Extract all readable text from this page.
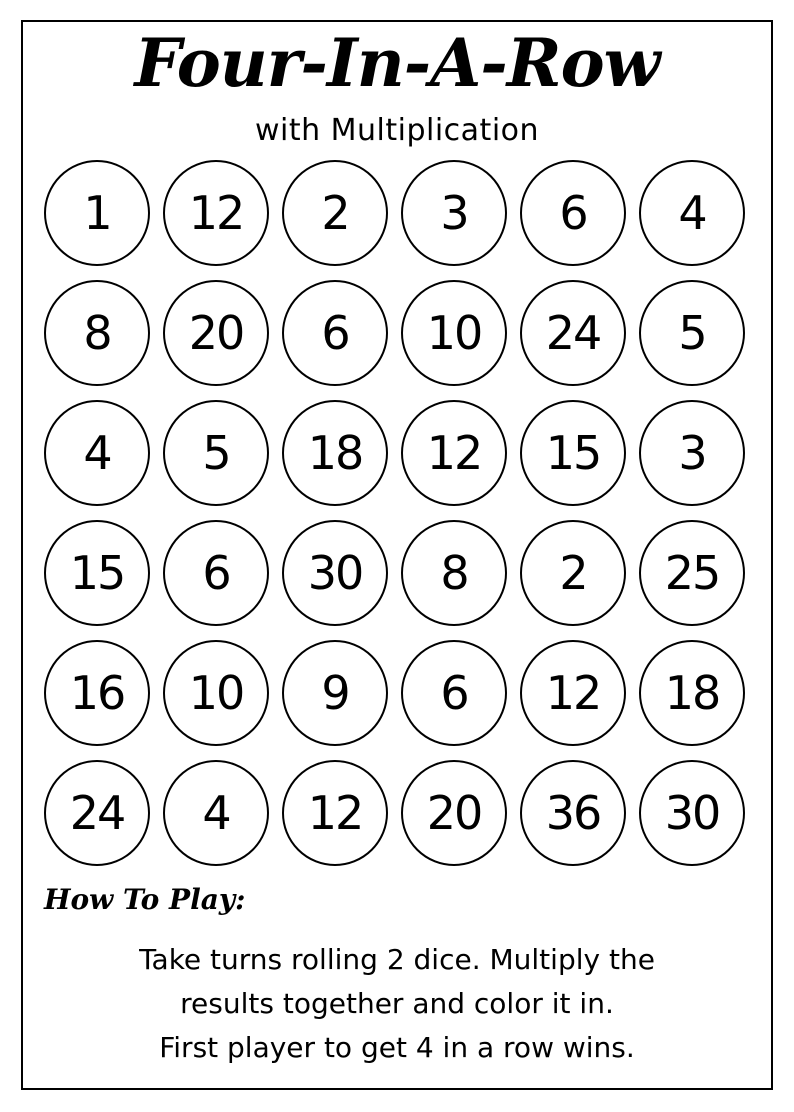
Four-In-A-Row
with Multiplication
1	12	2	3	6	4
8	20	6	10	24	5
4	5	18	12	15	3
15	6	30	8	2	25
16	10	9	6	12	18
24	4	12	20	36	30
How To Play:
Take turns rolling 2 dice. Multiply the
results together and color it in.
First player to get 4 in a row wins.
